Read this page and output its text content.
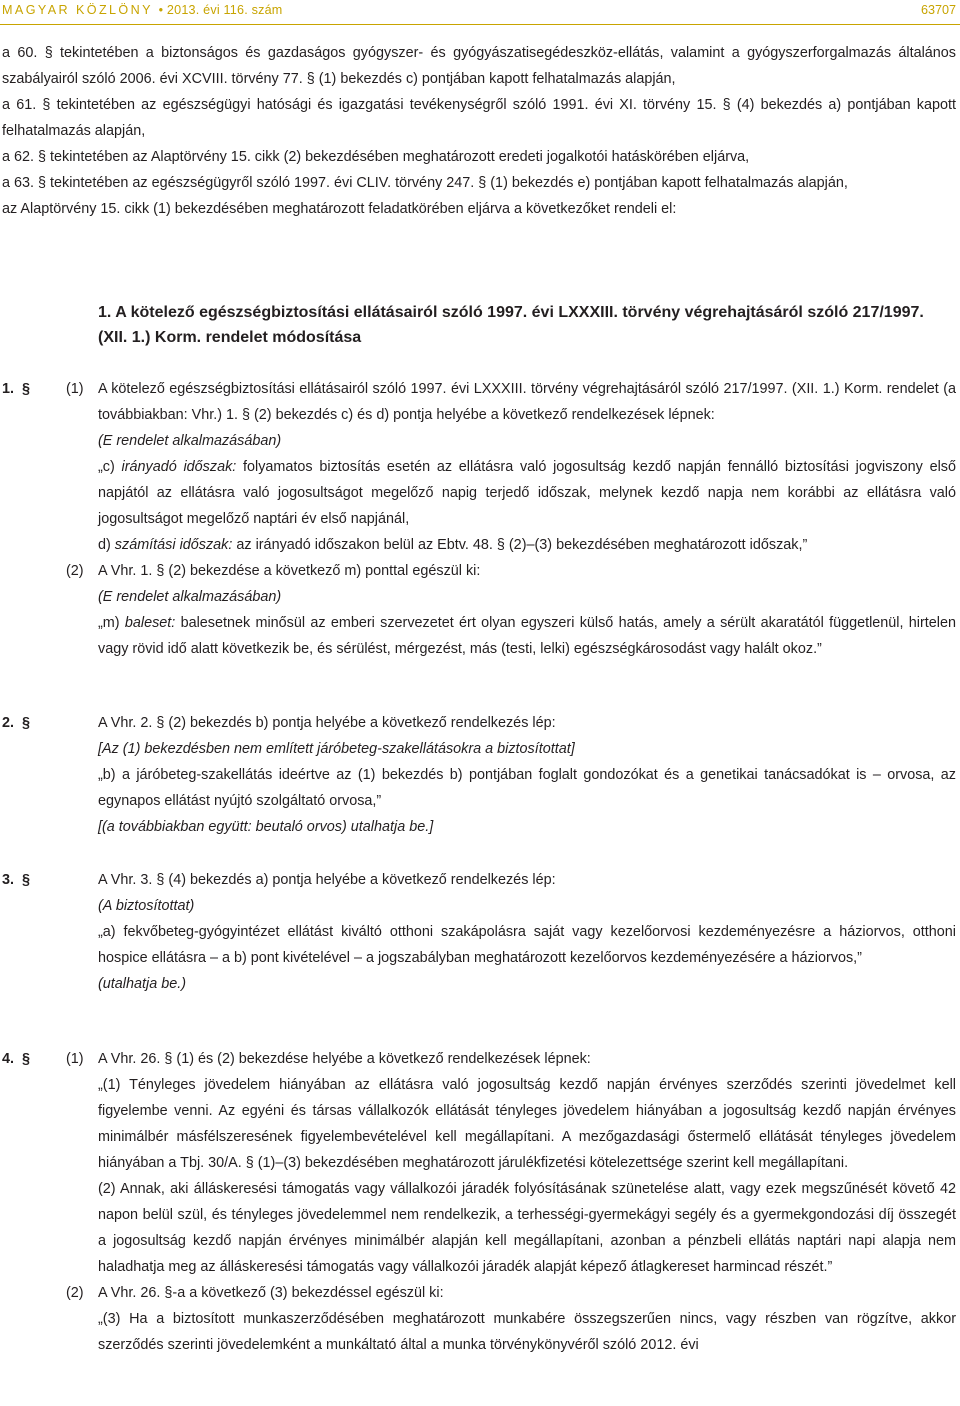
MAGYAR KÖZLÖNY • 2013. évi 116. szám	63707

a 60. § tekintetében a biztonságos és gazdaságos gyógyszer- és gyógyászatisegédeszköz-ellátás, valamint a gyógyszerforgalmazás általános szabályairól szóló 2006. évi XCVIII. törvény 77. § (1) bekezdés c) pontjában kapott felhatalmazás alapján,

a 61. § tekintetében az egészségügyi hatósági és igazgatási tevékenységről szóló 1991. évi XI. törvény 15. § (4) bekezdés a) pontjában kapott felhatalmazás alapján,

a 62. § tekintetében az Alaptörvény 15. cikk (2) bekezdésében meghatározott eredeti jogalkotói hatáskörében eljárva,

a 63. § tekintetében az egészségügyről szóló 1997. évi CLIV. törvény 247. § (1) bekezdés e) pontjában kapott felhatalmazás alapján,

az Alaptörvény 15. cikk (1) bekezdésében meghatározott feladatkörében eljárva a következőket rendeli el:

1. A kötelező egészségbiztosítási ellátásairól szóló 1997. évi LXXXIII. törvény végrehajtásáról szóló 217/1997. (XII. 1.) Korm. rendelet módosítása
1. § (1) A kötelező egészségbiztosítási ellátásairól szóló 1997. évi LXXXIII. törvény végrehajtásáról szóló 217/1997. (XII. 1.) Korm. rendelet (a továbbiakban: Vhr.) 1. § (2) bekezdés c) és d) pontja helyébe a következő rendelkezések lépnek:

(E rendelet alkalmazásában)

„c) irányadó időszak: folyamatos biztosítás esetén az ellátásra való jogosultság kezdő napján fennálló biztosítási jogviszony első napjától az ellátásra való jogosultságot megelőző napig terjedő időszak, melynek kezdő napja nem korábbi az ellátásra való jogosultságot megelőző naptári év első napjánál,

d) számítási időszak: az irányadó időszakon belül az Ebtv. 48. § (2)–(3) bekezdésében meghatározott időszak,”

(2) A Vhr. 1. § (2) bekezdése a következő m) ponttal egészül ki:

(E rendelet alkalmazásában)

„m) baleset: balesetnek minősül az emberi szervezetet ért olyan egyszeri külső hatás, amely a sérült akaratától függetlenül, hirtelen vagy rövid idő alatt következik be, és sérülést, mérgezést, más (testi, lelki) egészségkárosodást vagy halált okoz.”

2. §	A Vhr. 2. § (2) bekezdés b) pontja helyébe a következő rendelkezés lép:

[Az (1) bekezdésben nem említett járóbeteg-szakellátásokra a biztosítottat]

„b) a járóbeteg-szakellátás ideértve az (1) bekezdés b) pontjában foglalt gondozókat és a genetikai tanácsadókat is – orvosa, az egynapos ellátást nyújtó szolgáltató orvosa,”

[(a továbbiakban együtt: beutaló orvos) utalhatja be.]

3. §	A Vhr. 3. § (4) bekezdés a) pontja helyébe a következő rendelkezés lép:

(A biztosítottat)

„a) fekvőbeteg-gyógyintézet ellátást kiváltó otthoni szakápolásra saját vagy kezelőorvosi kezdeményezésre a háziorvos, otthoni hospice ellátásra – a b) pont kivételével – a jogszabályban meghatározott kezelőorvos kezdeményezésére a háziorvos,”

(utalhatja be.)

4. § (1) A Vhr. 26. § (1) és (2) bekezdése helyébe a következő rendelkezések lépnek:

„(1) Tényleges jövedelem hiányában az ellátásra való jogosultság kezdő napján érvényes szerződés szerinti jövedelmet kell figyelembe venni. Az egyéni és társas vállalkozók ellátását tényleges jövedelem hiányában a jogosultság kezdő napján érvényes minimálbér másfélszeresének figyelembevételével kell megállapítani. A mezőgazdasági őstermelő ellátását tényleges jövedelem hiányában a Tbj. 30/A. § (1)–(3) bekezdésében meghatározott járulékfizetési kötelezettsége szerint kell megállapítani.

(2) Annak, aki álláskeresési támogatás vagy vállalkozói járadék folyósításának szünetelése alatt, vagy ezek megszűnését követő 42 napon belül szül, és tényleges jövedelemmel nem rendelkezik, a terhességi-gyermekágyi segély és a gyermekgondozási díj összegét a jogosultság kezdő napján érvényes minimálbér alapján kell megállapítani, azonban a pénzbeli ellátás naptári napi alapja nem haladhatja meg az álláskeresési támogatás vagy vállalkozói járadék alapját képező átlagkereset harmincad részét.”

(2) A Vhr. 26. §-a a következő (3) bekezdéssel egészül ki:

„(3) Ha a biztosított munkaszerződésében meghatározott munkabére összegszerűen nincs, vagy részben van rögzítve, akkor szerződés szerinti jövedelemként a munkáltató által a munka törvénykönyvéről szóló 2012. évi
